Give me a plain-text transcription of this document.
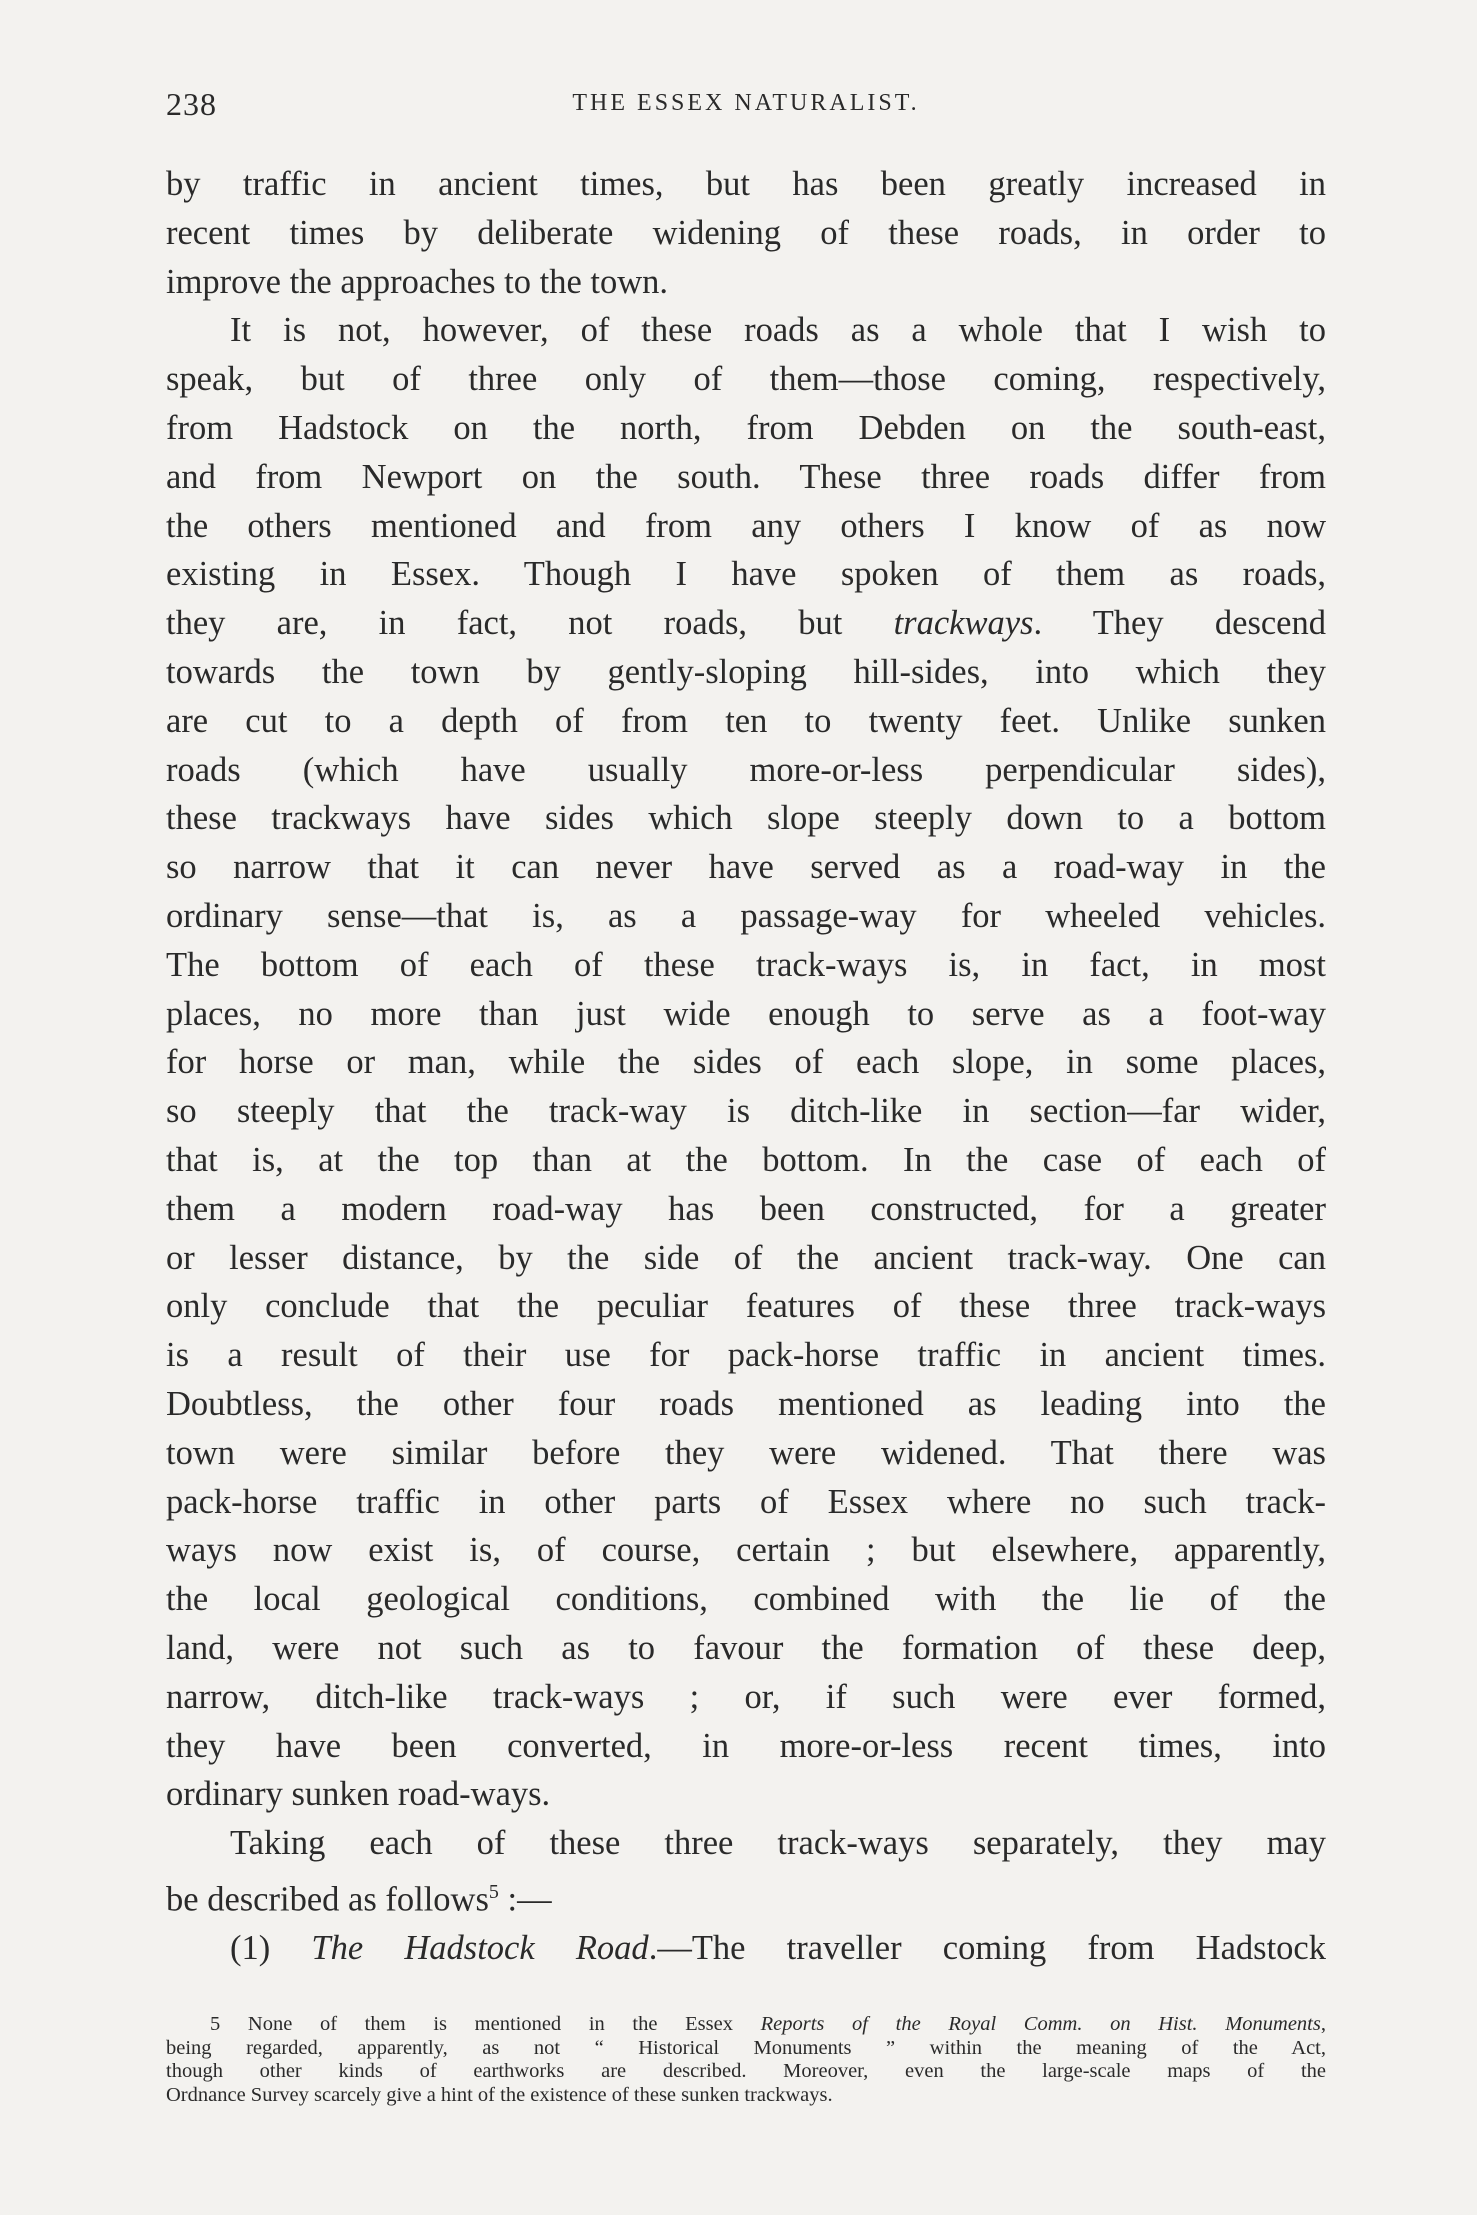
238	THE ESSEX NATURALIST.
by traffic in ancient times, but has been greatly increased in
recent times by deliberate widening of these roads, in order to
improve the approaches to the town.
It is not, however, of these roads as a whole that I wish to
speak, but of three only of them—those coming, respectively,
from Hadstock on the north, from Debden on the south-east,
and from Newport on the south. These three roads differ from
the others mentioned and from any others I know of as now
existing in Essex. Though I have spoken of them as roads,
they are, in fact, not roads, but trackways. They descend
towards the town by gently-sloping hill-sides, into which they
are cut to a depth of from ten to twenty feet. Unlike sunken
roads (which have usually more-or-less perpendicular sides),
these trackways have sides which slope steeply down to a bottom
so narrow that it can never have served as a road-way in the
ordinary sense—that is, as a passage-way for wheeled vehicles.
The bottom of each of these track-ways is, in fact, in most
places, no more than just wide enough to serve as a foot-way
for horse or man, while the sides of each slope, in some places,
so steeply that the track-way is ditch-like in section—far wider,
that is, at the top than at the bottom. In the case of each of
them a modern road-way has been constructed, for a greater
or lesser distance, by the side of the ancient track-way. One can
only conclude that the peculiar features of these three track-ways
is a result of their use for pack-horse traffic in ancient times.
Doubtless, the other four roads mentioned as leading into the
town were similar before they were widened. That there was
pack-horse traffic in other parts of Essex where no such track-
ways now exist is, of course, certain ; but elsewhere, apparently,
the local geological conditions, combined with the lie of the
land, were not such as to favour the formation of these deep,
narrow, ditch-like track-ways ; or, if such were ever formed,
they have been converted, in more-or-less recent times, into
ordinary sunken road-ways.
Taking each of these three track-ways separately, they may
be described as follows$^5$ :—
(1) The Hadstock Road.—The traveller coming from Hadstock
5 None of them is mentioned in the Essex Reports of the Royal Comm. on Hist. Monuments,
being regarded, apparently, as not “ Historical Monuments ” within the meaning of the Act,
though other kinds of earthworks are described. Moreover, even the large-scale maps of the
Ordnance Survey scarcely give a hint of the existence of these sunken trackways.
